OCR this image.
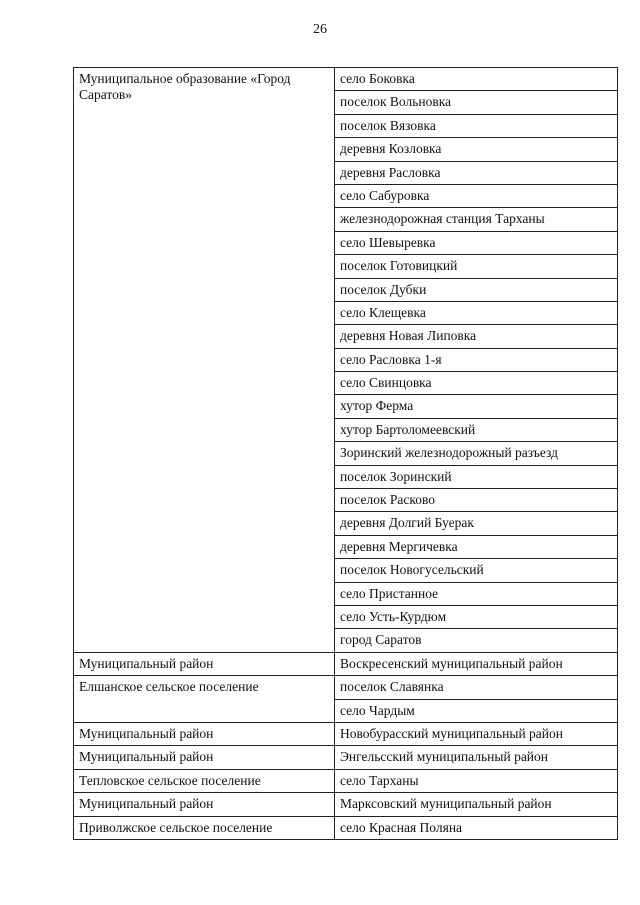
26
Муниципальное образование «Город Саратов»	село Боковка
	поселок Вольновка
	поселок Вязовка
	деревня Козловка
	деревня Расловка
	село Сабуровка
	железнодорожная станция Тарханы
	село Шевыревка
	поселок Готовицкий
	поселок Дубки
	село Клещевка
	деревня Новая Липовка
	село Расловка 1-я
	село Свинцовка
	хутор Ферма
	хутор Бартоломеевский
	Зоринский железнодорожный разъезд
	поселок Зоринский
	поселок Расково
	деревня Долгий Буерак
	деревня Мергичевка
	поселок Новогусельский
	село Пристанное
	село Усть-Курдюм
	город Саратов
Муниципальный район	Воскресенский муниципальный район
Елшанское сельское поселение	поселок Славянка
	село Чардым
Муниципальный район	Новобурасский муниципальный район
Муниципальный район	Энгельсский муниципальный район
Тепловское сельское поселение	село Тарханы
Муниципальный район	Марксовский муниципальный район
Приволжское сельское поселение	село Красная Поляна
